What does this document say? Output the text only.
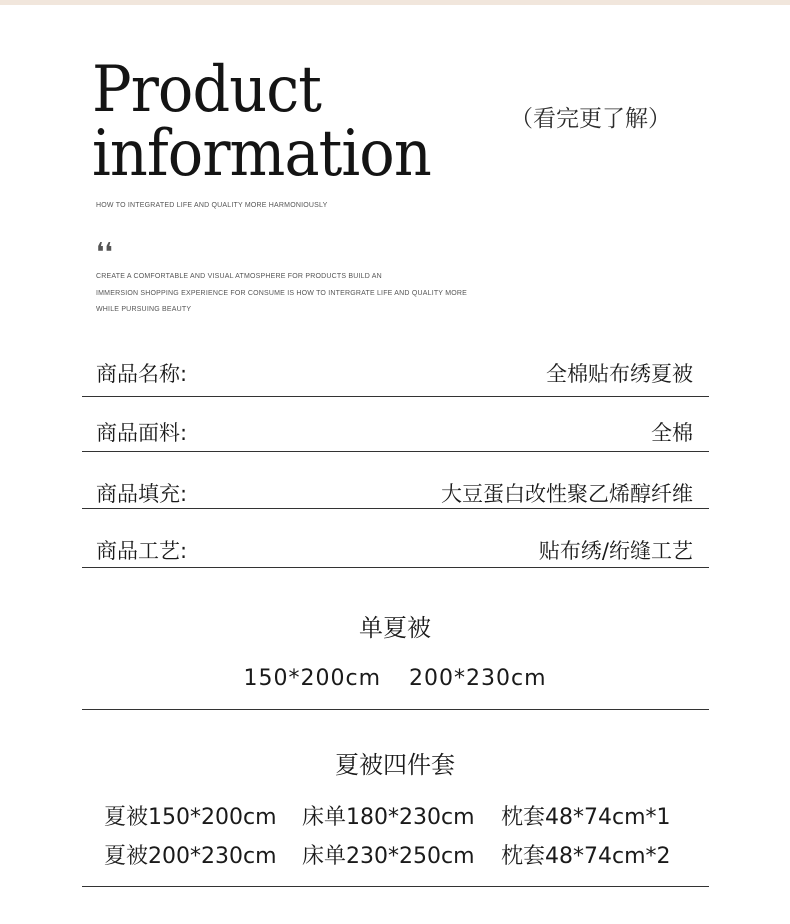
Product
information	（看完更了解）
HOW TO INTEGRATED LIFE AND QUALITY MORE HARMONIOUSLY
❛❛
CREATE A COMFORTABLE AND VISUAL ATMOSPHERE FOR PRODUCTS BUILD AN
IMMERSION SHOPPING EXPERIENCE FOR CONSUME IS HOW TO INTERGRATE LIFE AND QUALITY MORE
WHILE PURSUING BEAUTY
商品名称:	全棉贴布绣夏被
商品面料:	全棉
商品填充:	大豆蛋白改性聚乙烯醇纤维
商品工艺:	贴布绣/绗缝工艺
单夏被
150*200cm 200*230cm
夏被四件套
夏被150*200cm 床单180*230cm 枕套48*74cm*1
夏被200*230cm 床单230*250cm 枕套48*74cm*2
